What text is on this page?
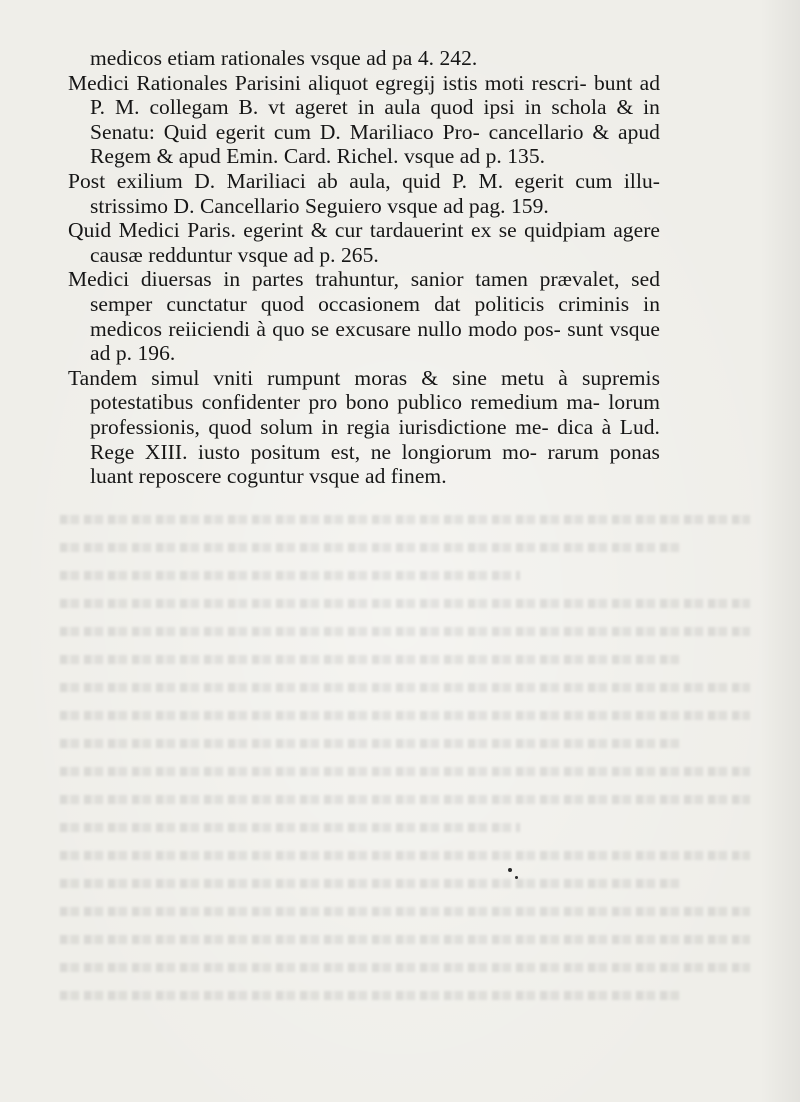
medicos etiam rationales vsque ad pa 4. 242.

Medici Rationales Parisini aliquot egregij istis moti rescri- bunt ad P. M. collegam B. vt ageret in aula quod ipsi in schola & in Senatu: Quid egerit cum D. Mariliaco Pro- cancellario & apud Regem & apud Emin. Card. Richel. vsque ad p. 135.

Post exilium D. Mariliaci ab aula, quid P. M. egerit cum illu- strissimo D. Cancellario Seguiero vsque ad pag. 159.

Quid Medici Paris. egerint & cur tardauerint ex se quidpiam agere causæ redduntur vsque ad p. 265.

Medici diuersas in partes trahuntur, sanior tamen prævalet, sed semper cunctatur quod occasionem dat politicis criminis in medicos reiiciendi à quo se excusare nullo modo pos- sunt vsque ad p. 196.

Tandem simul vniti rumpunt moras & sine metu à supremis potestatibus confidenter pro bono publico remedium ma- lorum professionis, quod solum in regia iurisdictione me- dica à Lud. Rege XIII. iusto positum est, ne longiorum mo- rarum ponas luant reposcere coguntur vsque ad finem.
